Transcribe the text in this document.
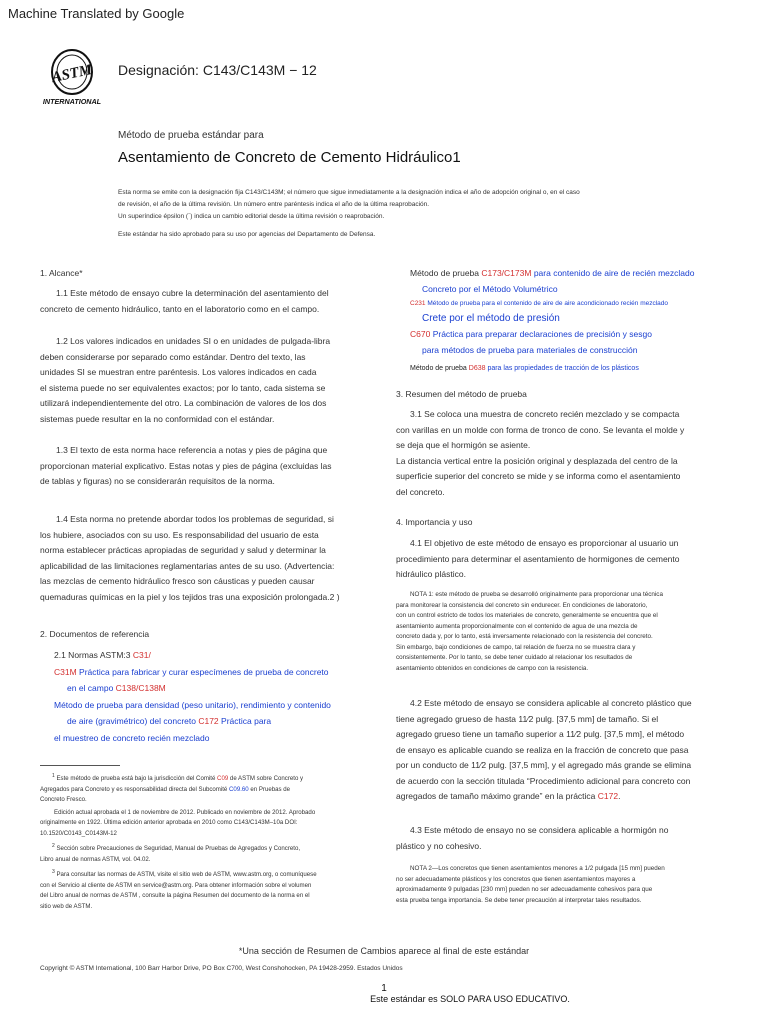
Machine Translated by Google
ASTM
INTERNATIONAL
Designación: C143/C143M − 12
Método de prueba estándar para
Asentamiento de Concreto de Cemento Hidráulico1

Esta norma se emite con la designación fija C143/C143M; el número que sigue inmediatamente a la designación indica el año de adopción original o, en el caso

de revisión, el año de la última revisión. Un número entre paréntesis indica el año de la última reaprobación.

Un superíndice épsilon (´) indica un cambio editorial desde la última revisión o reaprobación.

Este estándar ha sido aprobado para su uso por agencias del Departamento de Defensa.

1. Alcance*

1.1 Este método de ensayo cubre la determinación del asentamiento del

concreto de cemento hidráulico, tanto en el laboratorio como en el campo.

1.2 Los valores indicados en unidades SI o en unidades de pulgada-libra

deben considerarse por separado como estándar. Dentro del texto, las

unidades SI se muestran entre paréntesis. Los valores indicados en cada

el sistema puede no ser equivalentes exactos; por lo tanto, cada sistema se

utilizará independientemente del otro. La combinación de valores de los dos

sistemas puede resultar en la no conformidad con el estándar.

1.3 El texto de esta norma hace referencia a notas y pies de página que

proporcionan material explicativo. Estas notas y pies de página (excluidas las

de tablas y figuras) no se considerarán requisitos de la norma.

1.4 Esta norma no pretende abordar todos los problemas de seguridad, si

los hubiere, asociados con su uso. Es responsabilidad del usuario de esta

norma establecer prácticas apropiadas de seguridad y salud y determinar la

aplicabilidad de las limitaciones reglamentarias antes de su uso. (Advertencia:

las mezclas de cemento hidráulico fresco son cáusticas y pueden causar

quemaduras químicas en la piel y los tejidos tras una exposición prolongada.2 )

2. Documentos de referencia

2.1 Normas ASTM:3 C31/

C31M Práctica para fabricar y curar especímenes de prueba de concreto

en el campo C138/C138M

Método de prueba para densidad (peso unitario), rendimiento y contenido

de aire (gravimétrico) del concreto C172 Práctica para

el muestreo de concreto recién mezclado

$^1$ Este método de prueba está bajo la jurisdicción del Comité C09 de ASTM sobre Concreto y

Agregados para Concreto y es responsabilidad directa del Subcomité C09.60 en Pruebas de

Concreto Fresco.

Edición actual aprobada el 1 de noviembre de 2012. Publicado en noviembre de 2012. Aprobado

originalmente en 1922. Última edición anterior aprobada en 2010 como C143/C143M–10a DOI:

10.1520/C0143_C0143M-12

$^2$ Sección sobre Precauciones de Seguridad, Manual de Pruebas de Agregados y Concreto,

Libro anual de normas ASTM, vol. 04.02.

$^3$ Para consultar las normas de ASTM, visite el sitio web de ASTM, www.astm.org, o comuníquese

con el Servicio al cliente de ASTM en service@astm.org. Para obtener información sobre el volumen

del Libro anual de normas de ASTM , consulte la página Resumen del documento de la norma en el

sitio web de ASTM.

Método de prueba C173/C173M para contenido de aire de recién mezclado

Concreto por el Método Volumétrico

C231 Método de prueba para el contenido de aire de aire acondicionado recién mezclado

Crete por el método de presión

C670 Práctica para preparar declaraciones de precisión y sesgo

para métodos de prueba para materiales de construcción

Método de prueba D638 para las propiedades de tracción de los plásticos

3. Resumen del método de prueba

3.1 Se coloca una muestra de concreto recién mezclado y se compacta

con varillas en un molde con forma de tronco de cono. Se levanta el molde y

se deja que el hormigón se asiente.

La distancia vertical entre la posición original y desplazada del centro de la

superficie superior del concreto se mide y se informa como el asentamiento

del concreto.

4. Importancia y uso

4.1 El objetivo de este método de ensayo es proporcionar al usuario un

procedimiento para determinar el asentamiento de hormigones de cemento

hidráulico plástico.

NOTA 1: este método de prueba se desarrolló originalmente para proporcionar una técnica

para monitorear la consistencia del concreto sin endurecer. En condiciones de laboratorio,

con un control estricto de todos los materiales de concreto, generalmente se encuentra que el

asentamiento aumenta proporcionalmente con el contenido de agua de una mezcla de

concreto dada y, por lo tanto, está inversamente relacionado con la resistencia del concreto.

Sin embargo, bajo condiciones de campo, tal relación de fuerza no se muestra clara y

consistentemente. Por lo tanto, se debe tener cuidado al relacionar los resultados de

asentamiento obtenidos en condiciones de campo con la resistencia.

4.2 Este método de ensayo se considera aplicable al concreto plástico que

tiene agregado grueso de hasta 11⁄2 pulg. [37,5 mm] de tamaño. Si el

agregado grueso tiene un tamaño superior a 11⁄2 pulg. [37,5 mm], el método

de ensayo es aplicable cuando se realiza en la fracción de concreto que pasa

por un conducto de 11⁄2 pulg. [37,5 mm], y el agregado más grande se elimina

de acuerdo con la sección titulada “Procedimiento adicional para concreto con

agregados de tamaño máximo grande” en la práctica C172.

4.3 Este método de ensayo no se considera aplicable a hormigón no

plástico y no cohesivo.

NOTA 2—Los concretos que tienen asentamientos menores a 1/2 pulgada [15 mm] pueden

no ser adecuadamente plásticos y los concretos que tienen asentamientos mayores a

aproximadamente 9 pulgadas [230 mm] pueden no ser adecuadamente cohesivos para que

esta prueba tenga importancia. Se debe tener precaución al interpretar tales resultados.

*Una sección de Resumen de Cambios aparece al final de este estándar
Copyright © ASTM International, 100 Barr Harbor Drive, PO Box C700, West Conshohocken, PA 19428-2959. Estados Unidos
1
Este estándar es SOLO PARA USO EDUCATIVO.
